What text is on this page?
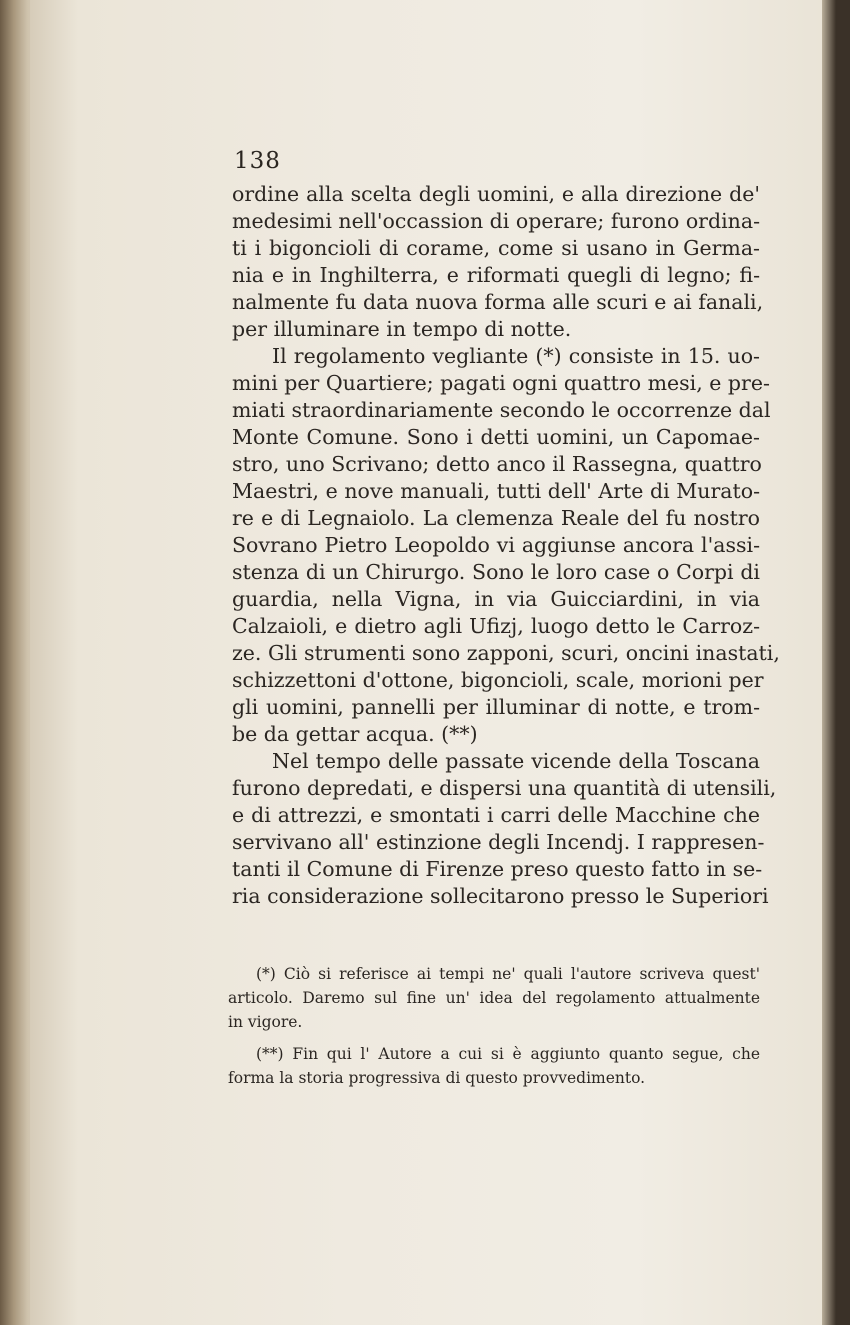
138
ordine alla scelta degli uomini, e alla direzione de'
medesimi nell'occassion di operare; furono ordina-
ti i bigoncioli di corame, come si usano in Germa-
nia e in Inghilterra, e riformati quegli di legno; fi-
nalmente fu data nuova forma alle scuri e ai fanali,
per illuminare in tempo di notte.
Il regolamento vegliante (*) consiste in 15. uo-
mini per Quartiere; pagati ogni quattro mesi, e pre-
miati straordinariamente secondo le occorrenze dal
Monte Comune. Sono i detti uomini, un Capomae-
stro, uno Scrivano; detto anco il Rassegna, quattro
Maestri, e nove manuali, tutti dell' Arte di Murato-
re e di Legnaiolo. La clemenza Reale del fu nostro
Sovrano Pietro Leopoldo vi aggiunse ancora l'assi-
stenza di un Chirurgo. Sono le loro case o Corpi di
guardia, nella Vigna, in via Guicciardini, in via
Calzaioli, e dietro agli Ufizj, luogo detto le Carroz-
ze. Gli strumenti sono zapponi, scuri, oncini inastati,
schizzettoni d'ottone, bigoncioli, scale, morioni per
gli uomini, pannelli per illuminar di notte, e trom-
be da gettar acqua. (**)
Nel tempo delle passate vicende della Toscana
furono depredati, e dispersi una quantità di utensili,
e di attrezzi, e smontati i carri delle Macchine che
servivano all' estinzione degli Incendj. I rappresen-
tanti il Comune di Firenze preso questo fatto in se-
ria considerazione sollecitarono presso le Superiori
(*) Ciò si referisce ai tempi ne' quali l'autore scriveva quest'
articolo. Daremo sul fine un' idea del regolamento attualmente
in vigore.
(**) Fin qui l' Autore a cui si è aggiunto quanto segue, che
forma la storia progressiva di questo provvedimento.
